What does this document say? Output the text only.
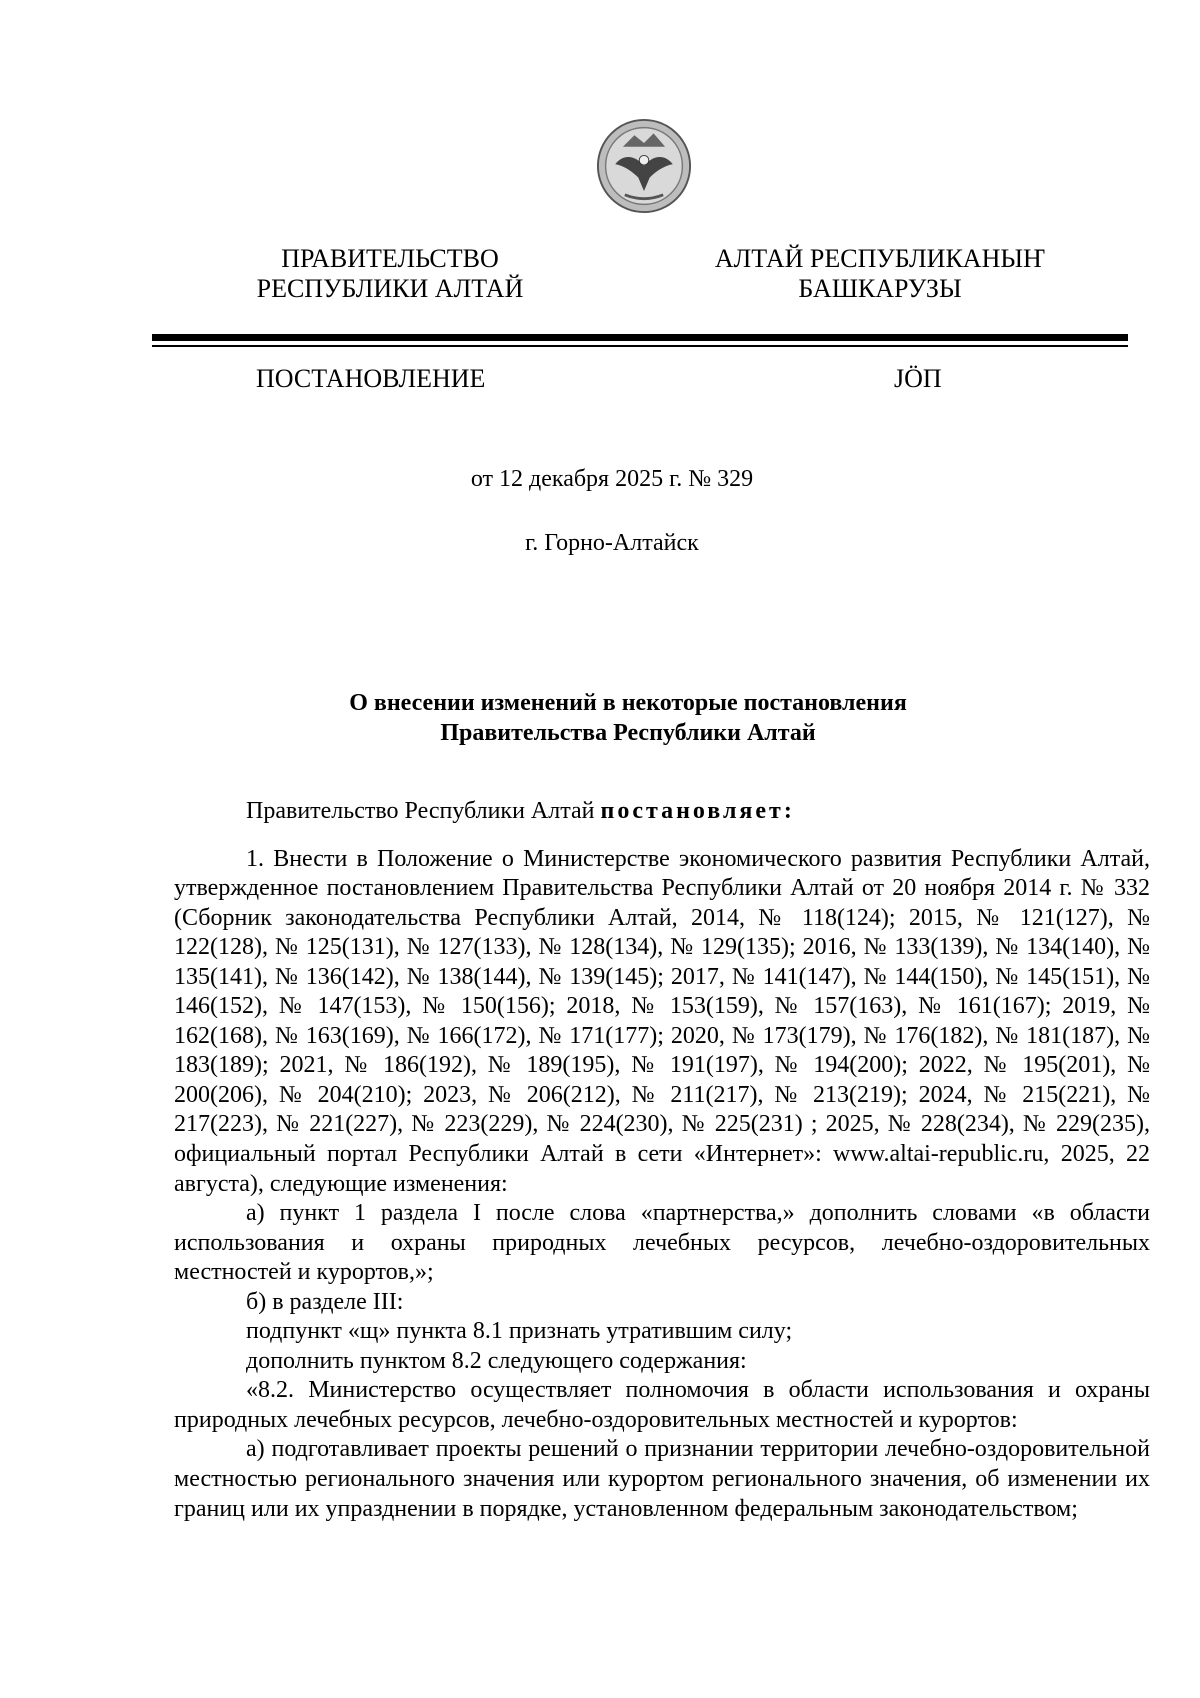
ПРАВИТЕЛЬСТВО
РЕСПУБЛИКИ АЛТАЙ
АЛТАЙ РЕСПУБЛИКАНЫҤ
БАШКАРУЗЫ
ПОСТАНОВЛЕНИЕ	JӦП
от 12 декабря 2025 г. № 329
г. Горно-Алтайск
О внесении изменений в некоторые постановления
Правительства Республики Алтай

Правительство Республики Алтай постановляет:

1. Внести в Положение о Министерстве экономического развития Республики Алтай, утвержденное постановлением Правительства Республики Алтай от 20 ноября 2014 г. № 332 (Сборник законодательства Республики Алтай, 2014, № 118(124); 2015, № 121(127), № 122(128), № 125(131), № 127(133), № 128(134), № 129(135); 2016, № 133(139), № 134(140), № 135(141), № 136(142), № 138(144), № 139(145); 2017, № 141(147), № 144(150), № 145(151), № 146(152), № 147(153), № 150(156); 2018, № 153(159), № 157(163), № 161(167); 2019, № 162(168), № 163(169), № 166(172), № 171(177); 2020, № 173(179), № 176(182), № 181(187), № 183(189); 2021, № 186(192), № 189(195), № 191(197), № 194(200); 2022, № 195(201), № 200(206), № 204(210); 2023, № 206(212), № 211(217), № 213(219); 2024, № 215(221), № 217(223), № 221(227), № 223(229), № 224(230), № 225(231) ; 2025, № 228(234), № 229(235), официальный портал Республики Алтай в сети «Интернет»: www.altai-republic.ru, 2025, 22 августа), следующие изменения:

а) пункт 1 раздела I после слова «партнерства,» дополнить словами «в области использования и охраны природных лечебных ресурсов, лечебно-оздоровительных местностей и курортов,»;

б) в разделе III:

подпункт «щ» пункта 8.1 признать утратившим силу;

дополнить пунктом 8.2 следующего содержания:

«8.2. Министерство осуществляет полномочия в области использования и охраны природных лечебных ресурсов, лечебно-оздоровительных местностей и курортов:

а) подготавливает проекты решений о признании территории лечебно-оздоровительной местностью регионального значения или курортом регионального значения, об изменении их границ или их упразднении в порядке, установленном федеральным законодательством;
